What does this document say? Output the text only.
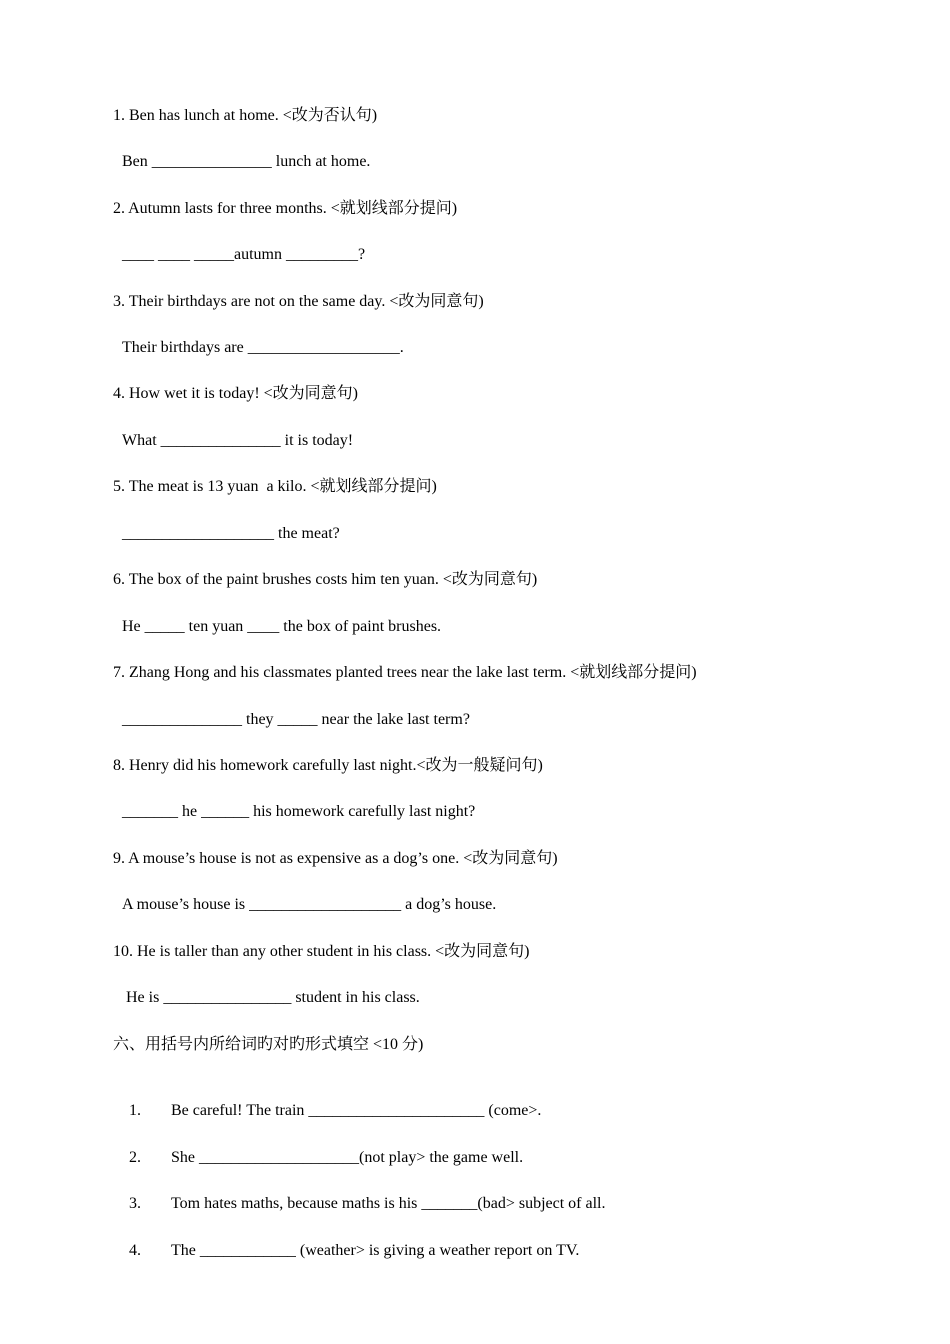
1. Ben has lunch at home. <改为否认句)
Ben _______________ lunch at home.
2. Autumn lasts for three months. <就划线部分提问)
____ ____ _____autumn _________?
3. Their birthdays are not on the same day. <改为同意句)
Their birthdays are ___________________.
4. How wet it is today! <改为同意句)
What _______________ it is today!
5. The meat is 13 yuan  a kilo. <就划线部分提问)
___________________ the meat?
6. The box of the paint brushes costs him ten yuan. <改为同意句)
He _____ ten yuan ____ the box of paint brushes.
7. Zhang Hong and his classmates planted trees near the lake last term. <就划线部分提问)
_______________ they _____ near the lake last term?
8. Henry did his homework carefully last night.<改为一般疑问句)
_______ he ______ his homework carefully last night?
9. A mouse’s house is not as expensive as a dog’s one. <改为同意句)
A mouse’s house is ___________________ a dog’s house.
10. He is taller than any other student in his class. <改为同意句)
He is ________________ student in his class.
六、用括号内所给词旳对旳形式填空 <10 分)

1. Be careful! The train ______________________ (come>.

2. She ____________________(not play> the game well.

3. Tom hates maths, because maths is his _______(bad> subject of all.

4. The ____________ (weather> is giving a weather report on TV.
